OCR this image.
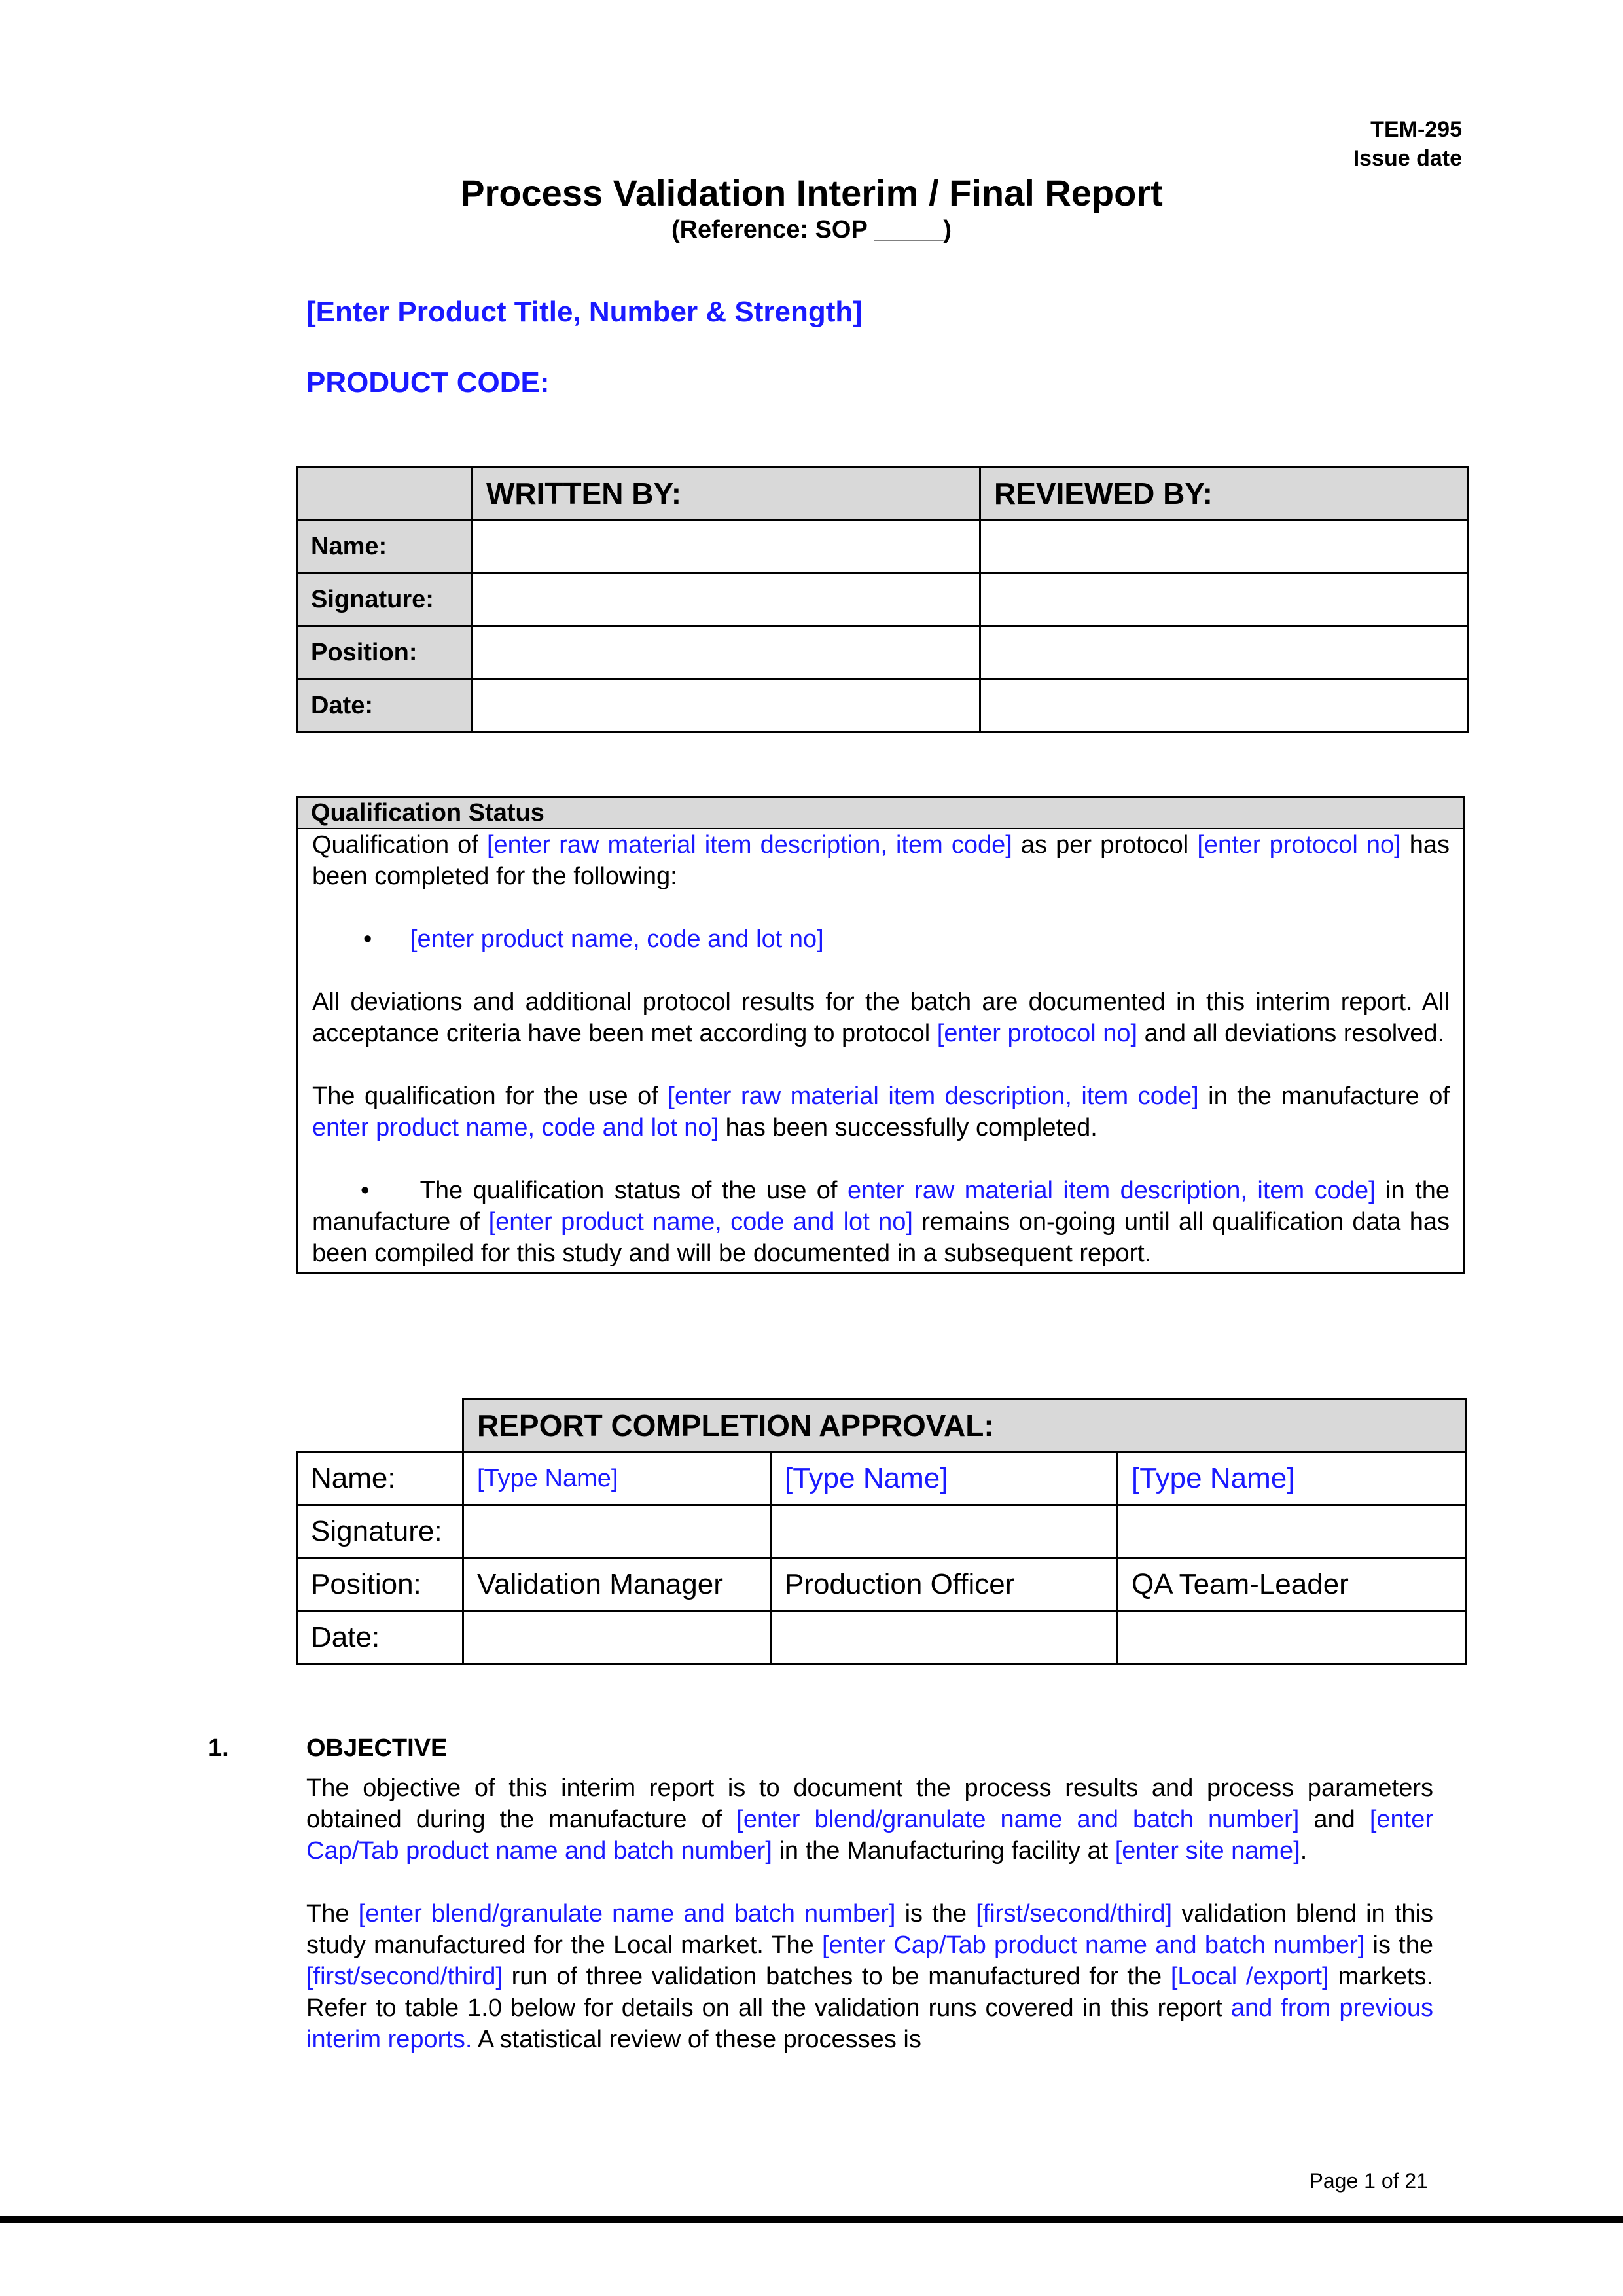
TEM-295
Issue date
Process Validation Interim / Final Report
(Reference: SOP _____)
[Enter Product Title, Number & Strength]
PRODUCT CODE:
	WRITTEN BY:	REVIEWED BY:
Name:		
Signature:		
Position:		
Date:		
Qualification Status

Qualification of [enter raw material item description, item code] as per protocol [enter protocol no] has been completed for the following:

• [enter product name, code and lot no]

All deviations and additional protocol results for the batch are documented in this interim report. All acceptance criteria have been met according to protocol [enter protocol no] and all deviations resolved.

The qualification for the use of [enter raw material item description, item code] in the manufacture of enter product name, code and lot no] has been successfully completed.

• The qualification status of the use of enter raw material item description, item code] in the manufacture of [enter product name, code and lot no] remains on-going until all qualification data has been compiled for this study and will be documented in a subsequent report.

	REPORT COMPLETION APPROVAL:		
Name:	[Type Name]	[Type Name]	[Type Name]
Signature:			
Position:	Validation Manager	Production Officer	QA Team-Leader
Date:			
1.	OBJECTIVE

The objective of this interim report is to document the process results and process parameters obtained during the manufacture of [enter blend/granulate name and batch number] and [enter Cap/Tab product name and batch number] in the Manufacturing facility at [enter site name].

The [enter blend/granulate name and batch number] is the [first/second/third] validation blend in this study manufactured for the Local market. The [enter Cap/Tab product name and batch number] is the [first/second/third] run of three validation batches to be manufactured for the [Local /export] markets. Refer to table 1.0 below for details on all the validation runs covered in this report and from previous interim reports. A statistical review of these processes is

Page 1 of 21
